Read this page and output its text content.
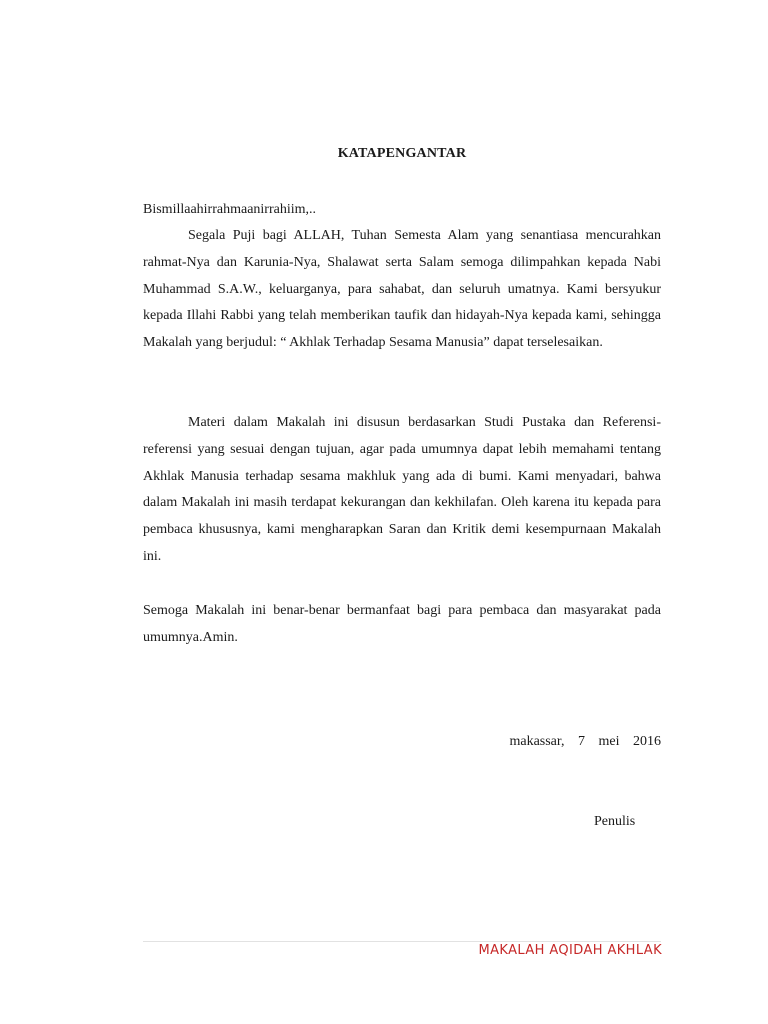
KATAPENGANTAR
Bismillaahirrahmaanirrahiim,..
Segala Puji bagi ALLAH, Tuhan Semesta Alam yang senantiasa mencurahkan rahmat-Nya dan Karunia-Nya, Shalawat serta Salam semoga dilimpahkan kepada Nabi Muhammad S.A.W., keluarganya, para sahabat, dan seluruh umatnya. Kami bersyukur kepada Illahi Rabbi yang telah memberikan taufik dan hidayah-Nya kepada kami, sehingga Makalah yang berjudul: “ Akhlak Terhadap Sesama Manusia” dapat terselesaikan.
Materi dalam Makalah ini disusun berdasarkan Studi Pustaka dan Referensi-referensi yang sesuai dengan tujuan, agar pada umumnya dapat lebih memahami tentang Akhlak Manusia terhadap sesama makhluk yang ada di bumi. Kami menyadari, bahwa dalam Makalah ini masih terdapat kekurangan dan kekhilafan. Oleh karena itu kepada para pembaca khususnya, kami mengharapkan Saran dan Kritik demi kesempurnaan Makalah ini.
Semoga Makalah ini benar-benar bermanfaat bagi para pembaca dan masyarakat pada umumnya.Amin.
makassar, 7 mei 2016
Penulis
MAKALAH AQIDAH AKHLAK
